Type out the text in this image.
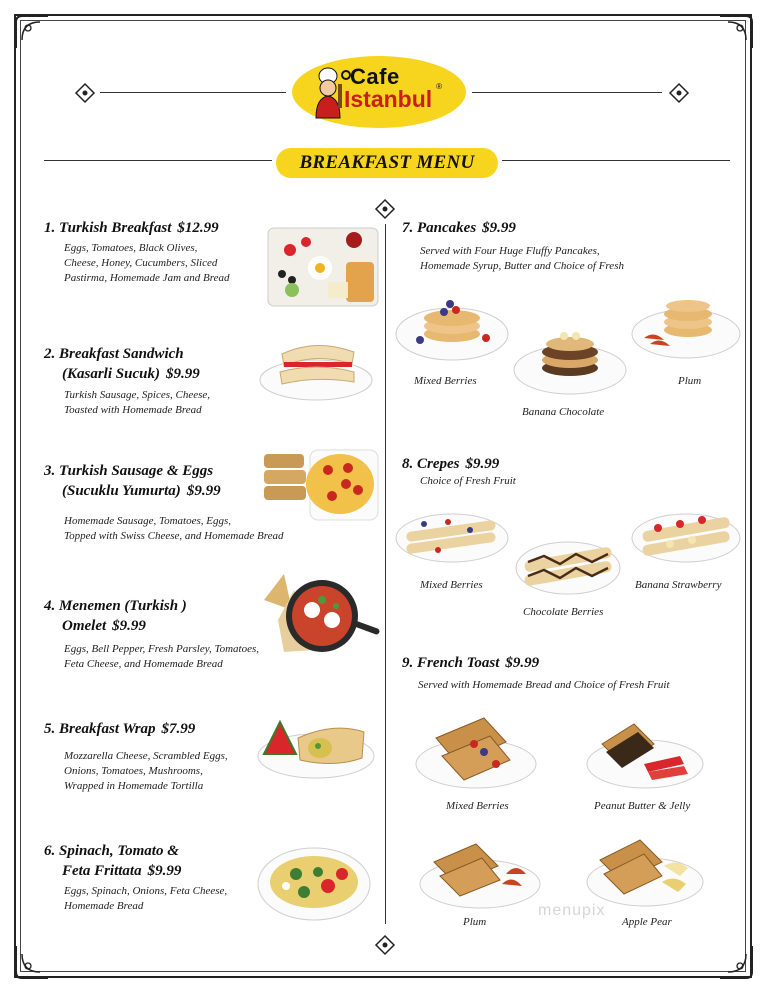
Cafe
Istanbul ®
BREAKFAST MENU
1. Turkish Breakfast $12.99
Eggs, Tomatoes, Black Olives,
Cheese, Honey, Cucumbers, Sliced
Pastirma, Homemade Jam and Bread
2. Breakfast Sandwich
(Kasarli Sucuk) $9.99
Turkish Sausage, Spices, Cheese,
Toasted with Homemade Bread
3. Turkish Sausage & Eggs
(Sucuklu Yumurta) $9.99
Homemade Sausage, Tomatoes, Eggs,
Topped with Swiss Cheese, and Homemade Bread
4. Menemen (Turkish )
Omelet $9.99
Eggs, Bell Pepper, Fresh Parsley, Tomatoes,
Feta Cheese, and Homemade Bread
5. Breakfast Wrap $7.99
Mozzarella Cheese, Scrambled Eggs,
Onions, Tomatoes, Mushrooms,
Wrapped in Homemade Tortilla
6. Spinach, Tomato &
Feta Frittata $9.99
Eggs, Spinach, Onions, Feta Cheese,
Homemade Bread
7. Pancakes $9.99
Served with Four Huge Fluffy Pancakes,
Homemade Syrup, Butter and Choice of Fresh
Mixed Berries
Banana Chocolate
Plum
8. Crepes $9.99
Choice of Fresh Fruit
Mixed Berries
Chocolate Berries
Banana Strawberry
9. French Toast $9.99
Served with Homemade Bread and Choice of Fresh Fruit
Mixed Berries	Peanut Butter & Jelly
Plum	Apple Pear
menupix
